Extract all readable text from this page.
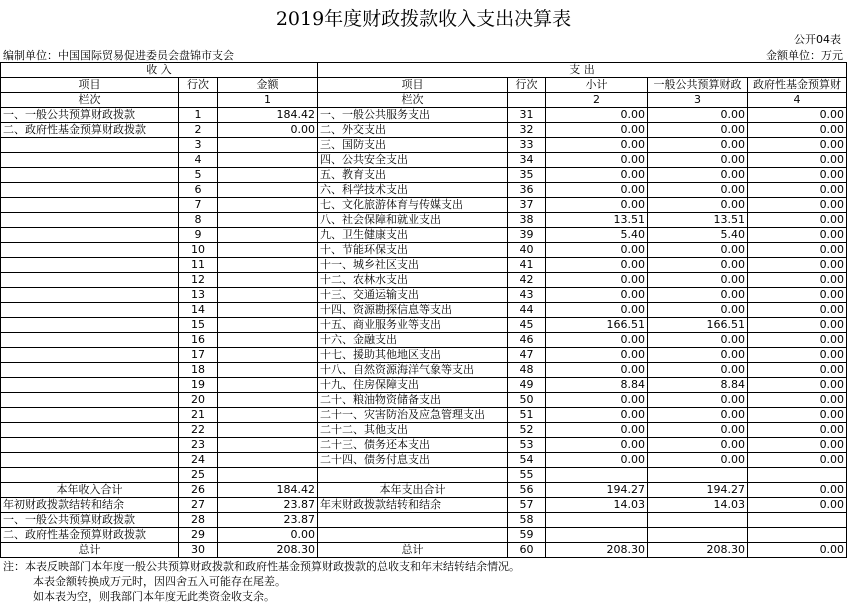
2019年度财政拨款收入支出决算表
公开04表
编制单位：中国国际贸易促进委员会盘锦市支会	金额单位：万元
收 入			支 出				
项目	行次	金额	项目	行次	小计	一般公共预算财政	政府性基金预算财
栏次		1	栏次		2	3	4
一、一般公共预算财政拨款	1	184.42	一、一般公共服务支出	31	0.00	0.00	0.00
二、政府性基金预算财政拨款	2	0.00	二、外交支出	32	0.00	0.00	0.00
	3		三、国防支出	33	0.00	0.00	0.00
	4		四、公共安全支出	34	0.00	0.00	0.00
	5		五、教育支出	35	0.00	0.00	0.00
	6		六、科学技术支出	36	0.00	0.00	0.00
	7		七、文化旅游体育与传媒支出	37	0.00	0.00	0.00
	8		八、社会保障和就业支出	38	13.51	13.51	0.00
	9		九、卫生健康支出	39	5.40	5.40	0.00
	10		十、节能环保支出	40	0.00	0.00	0.00
	11		十一、城乡社区支出	41	0.00	0.00	0.00
	12		十二、农林水支出	42	0.00	0.00	0.00
	13		十三、交通运输支出	43	0.00	0.00	0.00
	14		十四、资源勘探信息等支出	44	0.00	0.00	0.00
	15		十五、商业服务业等支出	45	166.51	166.51	0.00
	16		十六、金融支出	46	0.00	0.00	0.00
	17		十七、援助其他地区支出	47	0.00	0.00	0.00
	18		十八、自然资源海洋气象等支出	48	0.00	0.00	0.00
	19		十九、住房保障支出	49	8.84	8.84	0.00
	20		二十、粮油物资储备支出	50	0.00	0.00	0.00
	21		二十一、灾害防治及应急管理支出	51	0.00	0.00	0.00
	22		二十二、其他支出	52	0.00	0.00	0.00
	23		二十三、债务还本支出	53	0.00	0.00	0.00
	24		二十四、债务付息支出	54	0.00	0.00	0.00
	25			55			
本年收入合计	26	184.42	本年支出合计	56	194.27	194.27	0.00
年初财政拨款结转和结余	27	23.87	年末财政拨款结转和结余	57	14.03	14.03	0.00
一、一般公共预算财政拨款	28	23.87		58			
二、政府性基金预算财政拨款	29	0.00		59			
总计	30	208.30	总计	60	208.30	208.30	0.00
注：本表反映部门本年度一般公共预算财政拨款和政府性基金预算财政拨款的总收支和年末结转结余情况。
本表金额转换成万元时，因四舍五入可能存在尾差。
如本表为空，则我部门本年度无此类资金收支余。
